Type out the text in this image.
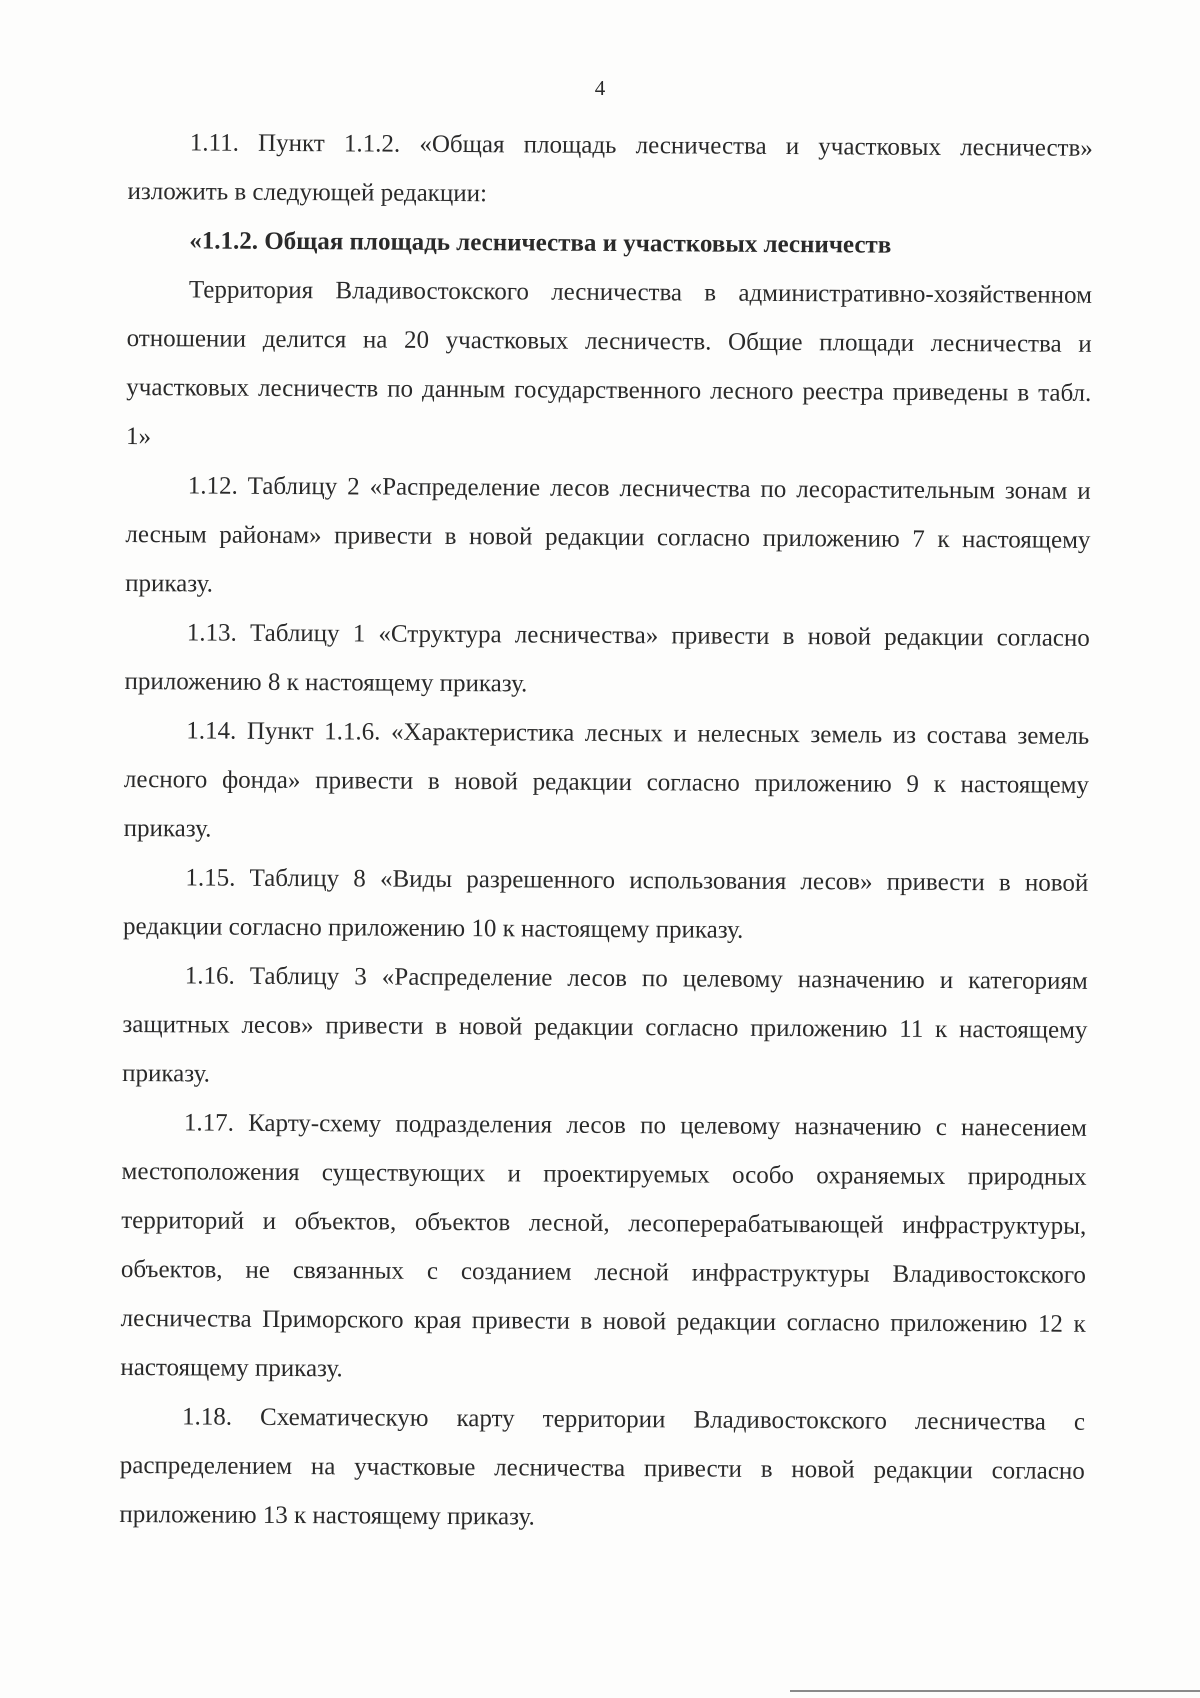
4

1.11. Пункт 1.1.2. «Общая площадь лесничества и участковых лесничеств» изложить в следующей редакции:

«1.1.2. Общая площадь лесничества и участковых лесничеств

Территория Владивостокского лесничества в административно-хозяйственном отношении делится на 20 участковых лесничеств. Общие площади лесничества и участковых лесничеств по данным государственного лесного реестра приведены в табл. 1»

1.12. Таблицу 2 «Распределение лесов лесничества по лесорастительным зонам и лесным районам» привести в новой редакции согласно приложению 7 к настоящему приказу.

1.13. Таблицу 1 «Структура лесничества» привести в новой редакции согласно приложению 8 к настоящему приказу.

1.14. Пункт 1.1.6. «Характеристика лесных и нелесных земель из состава земель лесного фонда» привести в новой редакции согласно приложению 9 к настоящему приказу.

1.15. Таблицу 8 «Виды разрешенного использования лесов» привести в новой редакции согласно приложению 10 к настоящему приказу.

1.16. Таблицу 3 «Распределение лесов по целевому назначению и категориям защитных лесов» привести в новой редакции согласно приложению 11 к настоящему приказу.

1.17. Карту-схему подразделения лесов по целевому назначению с нанесением местоположения существующих и проектируемых особо охраняемых природных территорий и объектов, объектов лесной, лесоперерабатывающей инфраструктуры, объектов, не связанных с созданием лесной инфраструктуры Владивостокского лесничества Приморского края привести в новой редакции согласно приложению 12 к настоящему приказу.

1.18. Схематическую карту территории Владивостокского лесничества с распределением на участковые лесничества привести в новой редакции согласно приложению 13 к настоящему приказу.
